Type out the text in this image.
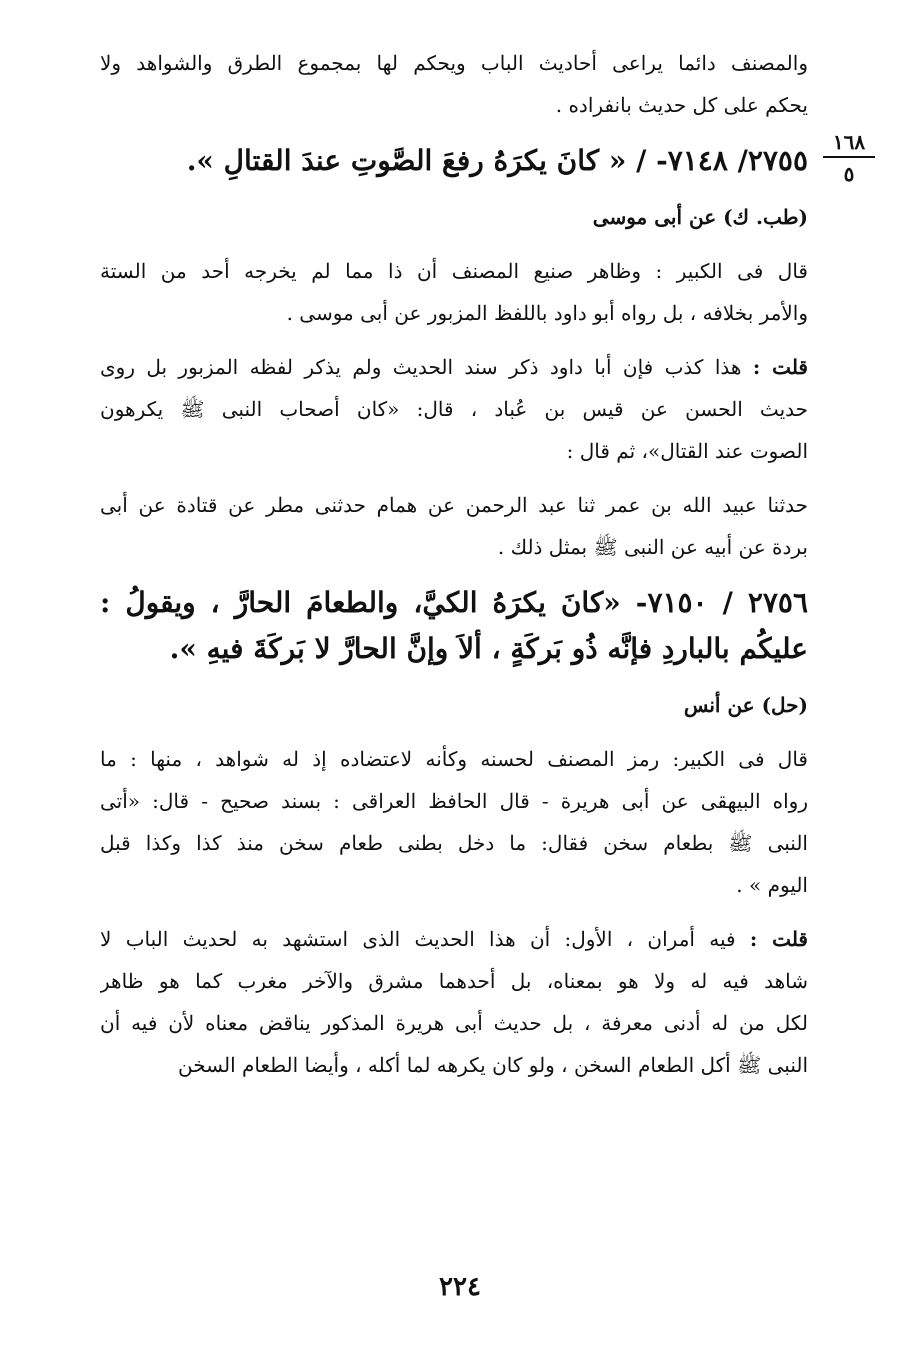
١٦٨
٥
والمصنف دائما يراعى أحاديث الباب ويحكم لها بمجموع الطرق والشواهد ولا
يحكم على كل حديث بانفراده .
٢٧٥٥/ ٧١٤٨- / « كانَ يكرَهُ رفعَ الصَّوتِ عندَ القتالِ ».
(طب. ك) عن أبى موسى
قال فى الكبير : وظاهر صنيع المصنف أن ذا مما لم يخرجه أحد من الستة
والأمر بخلافه ، بل رواه أبو داود باللفظ المزبور عن أبى موسى .
قلت : هذا كذب فإن أبا داود ذكر سند الحديث ولم يذكر لفظه المزبور بل روى
حديث الحسن عن قيس بن عُباد ، قال: «كان أصحاب النبى ﷺ يكرهون
الصوت عند القتال»، ثم قال :
حدثنا عبيد الله بن عمر ثنا عبد الرحمن عن همام حدثنى مطر عن قتادة عن أبى
بردة عن أبيه عن النبى ﷺ بمثل ذلك .
٢٧٥٦ / ٧١٥٠- «كانَ يكرَهُ الكيَّ، والطعامَ الحارَّ ، ويقولُ :
عليكُم بالباردِ فإنَّه ذُو بَركَةٍ ، ألاَ وإنَّ الحارَّ لا بَركَةَ فيهِ ».
(حل) عن أنس
قال فى الكبير: رمز المصنف لحسنه وكأنه لاعتضاده إذ له شواهد ، منها : ما
رواه البيهقى عن أبى هريرة - قال الحافظ العراقى : بسند صحيح - قال: «أتى
النبى ﷺ بطعام سخن فقال: ما دخل بطنى طعام سخن منذ كذا وكذا قبل
اليوم » .
قلت : فيه أمران ، الأول: أن هذا الحديث الذى استشهد به لحديث الباب لا
شاهد فيه له ولا هو بمعناه، بل أحدهما مشرق والآخر مغرب كما هو ظاهر
لكل من له أدنى معرفة ، بل حديث أبى هريرة المذكور يناقض معناه لأن فيه أن
النبى ﷺ أكل الطعام السخن ، ولو كان يكرهه لما أكله ، وأيضا الطعام السخن
٢٢٤
